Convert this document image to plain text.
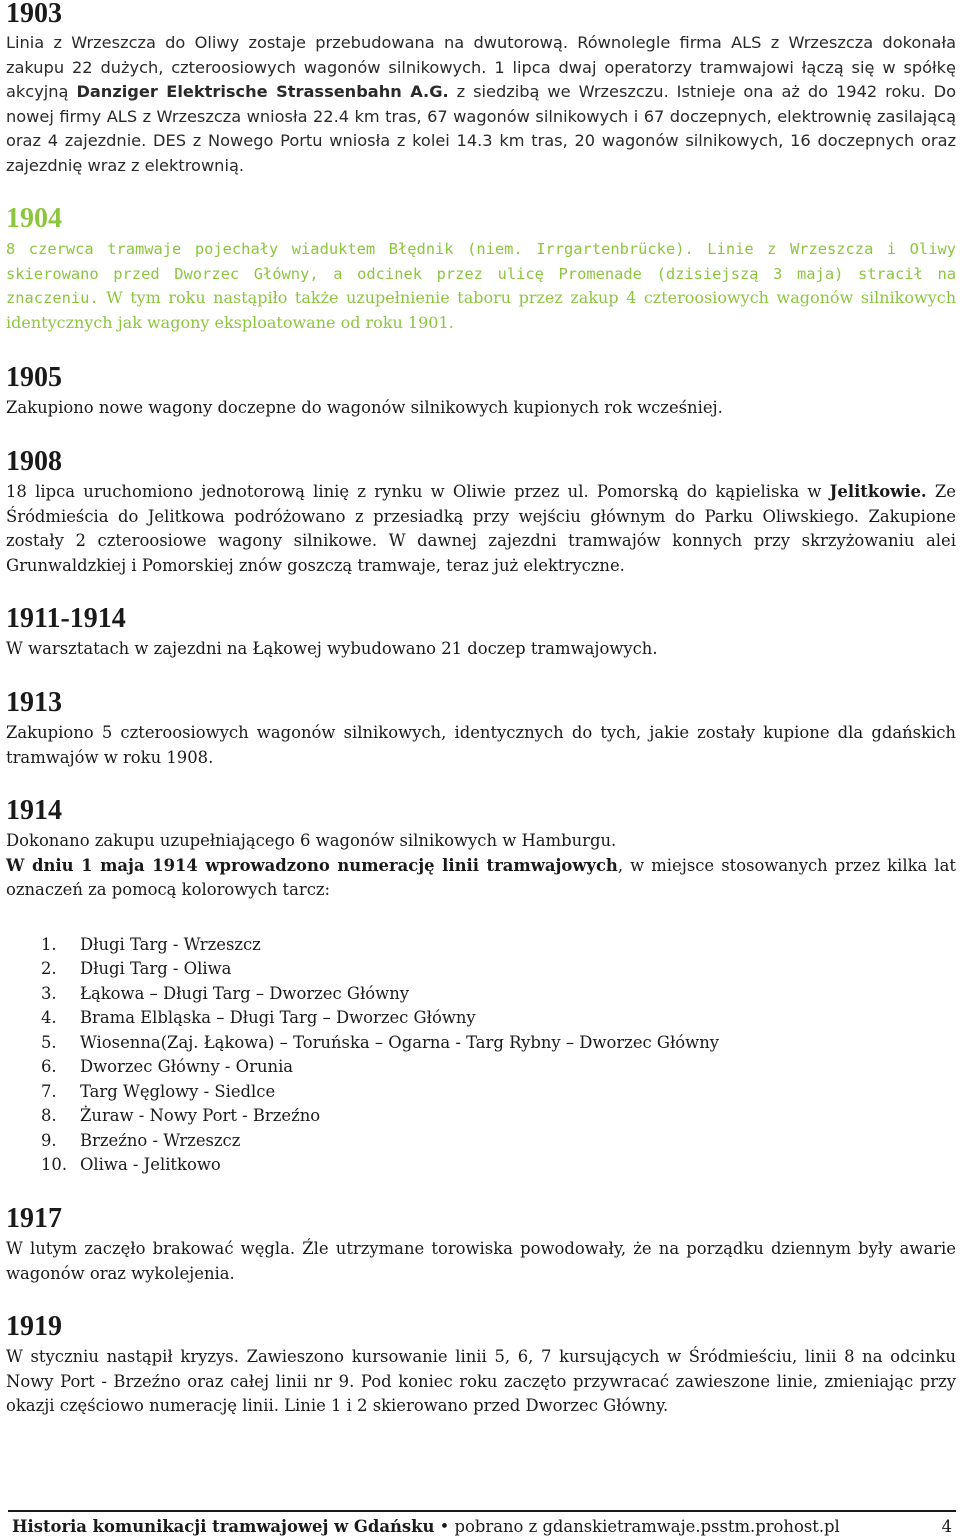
1903

Linia z Wrzeszcza do Oliwy zostaje przebudowana na dwutorową. Równolegle firma ALS z Wrzeszcza dokonała zakupu 22 dużych, czteroosiowych wagonów silnikowych. 1 lipca dwaj operatorzy tramwajowi łączą się w spółkę akcyjną Danziger Elektrische Strassenbahn A.G. z siedzibą we Wrzeszczu. Istnieje ona aż do 1942 roku. Do nowej firmy ALS z Wrzeszcza wniosła 22.4 km tras, 67 wagonów silnikowych i 67 doczepnych, elektrownię zasilającą oraz 4 zajezdnie. DES z Nowego Portu wniosła z kolei 14.3 km tras, 20 wagonów silnikowych, 16 doczepnych oraz zajezdnię wraz z elektrownią.

1904

8 czerwca tramwaje pojechały wiaduktem Błędnik (niem. Irrgartenbrücke). Linie z Wrzeszcza i Oliwy skierowano przed Dworzec Główny, a odcinek przez ulicę Promenade (dzisiejszą 3 maja) stracił na znaczeniu. W tym roku nastąpiło także uzupełnienie taboru przez zakup 4 czteroosiowych wagonów silnikowych identycznych jak wagony eksploatowane od roku 1901.

1905

Zakupiono nowe wagony doczepne do wagonów silnikowych kupionych rok wcześniej.

1908

18 lipca uruchomiono jednotorową linię z rynku w Oliwie przez ul. Pomorską do kąpieliska w Jelitkowie. Ze Śródmieścia do Jelitkowa podróżowano z przesiadką przy wejściu głównym do Parku Oliwskiego. Zakupione zostały 2 czteroosiowe wagony silnikowe. W dawnej zajezdni tramwajów konnych przy skrzyżowaniu alei Grunwaldzkiej i Pomorskiej znów goszczą tramwaje, teraz już elektryczne.

1911-1914

W warsztatach w zajezdni na Łąkowej wybudowano 21 doczep tramwajowych.

1913

Zakupiono 5 czteroosiowych wagonów silnikowych, identycznych do tych, jakie zostały kupione dla gdańskich tramwajów w roku 1908.

1914

Dokonano zakupu uzupełniającego 6 wagonów silnikowych w Hamburgu.

W dniu 1 maja 1914 wprowadzono numerację linii tramwajowych, w miejsce stosowanych przez kilka lat oznaczeń za pomocą kolorowych tarcz:

1. Długi Targ - Wrzeszcz
2. Długi Targ - Oliwa
3. Łąkowa – Długi Targ – Dworzec Główny
4. Brama Elbląska – Długi Targ – Dworzec Główny
5. Wiosenna(Zaj. Łąkowa) – Toruńska – Ogarna - Targ Rybny – Dworzec Główny
6. Dworzec Główny - Orunia
7. Targ Węglowy - Siedlce
8. Żuraw - Nowy Port - Brzeźno
9. Brzeźno - Wrzeszcz
10. Oliwa - Jelitkowo
1917

W lutym zaczęło brakować węgla. Źle utrzymane torowiska powodowały, że na porządku dziennym były awarie wagonów oraz wykolejenia.

1919

W styczniu nastąpił kryzys. Zawieszono kursowanie linii 5, 6, 7 kursujących w Śródmieściu, linii 8 na odcinku Nowy Port - Brzeźno oraz całej linii nr 9. Pod koniec roku zaczęto przywracać zawieszone linie, zmieniając przy okazji częściowo numerację linii. Linie 1 i 2 skierowano przed Dworzec Główny.

Historia komunikacji tramwajowej w Gdańsku • pobrano z gdanskietramwaje.psstm.prohost.pl	4
